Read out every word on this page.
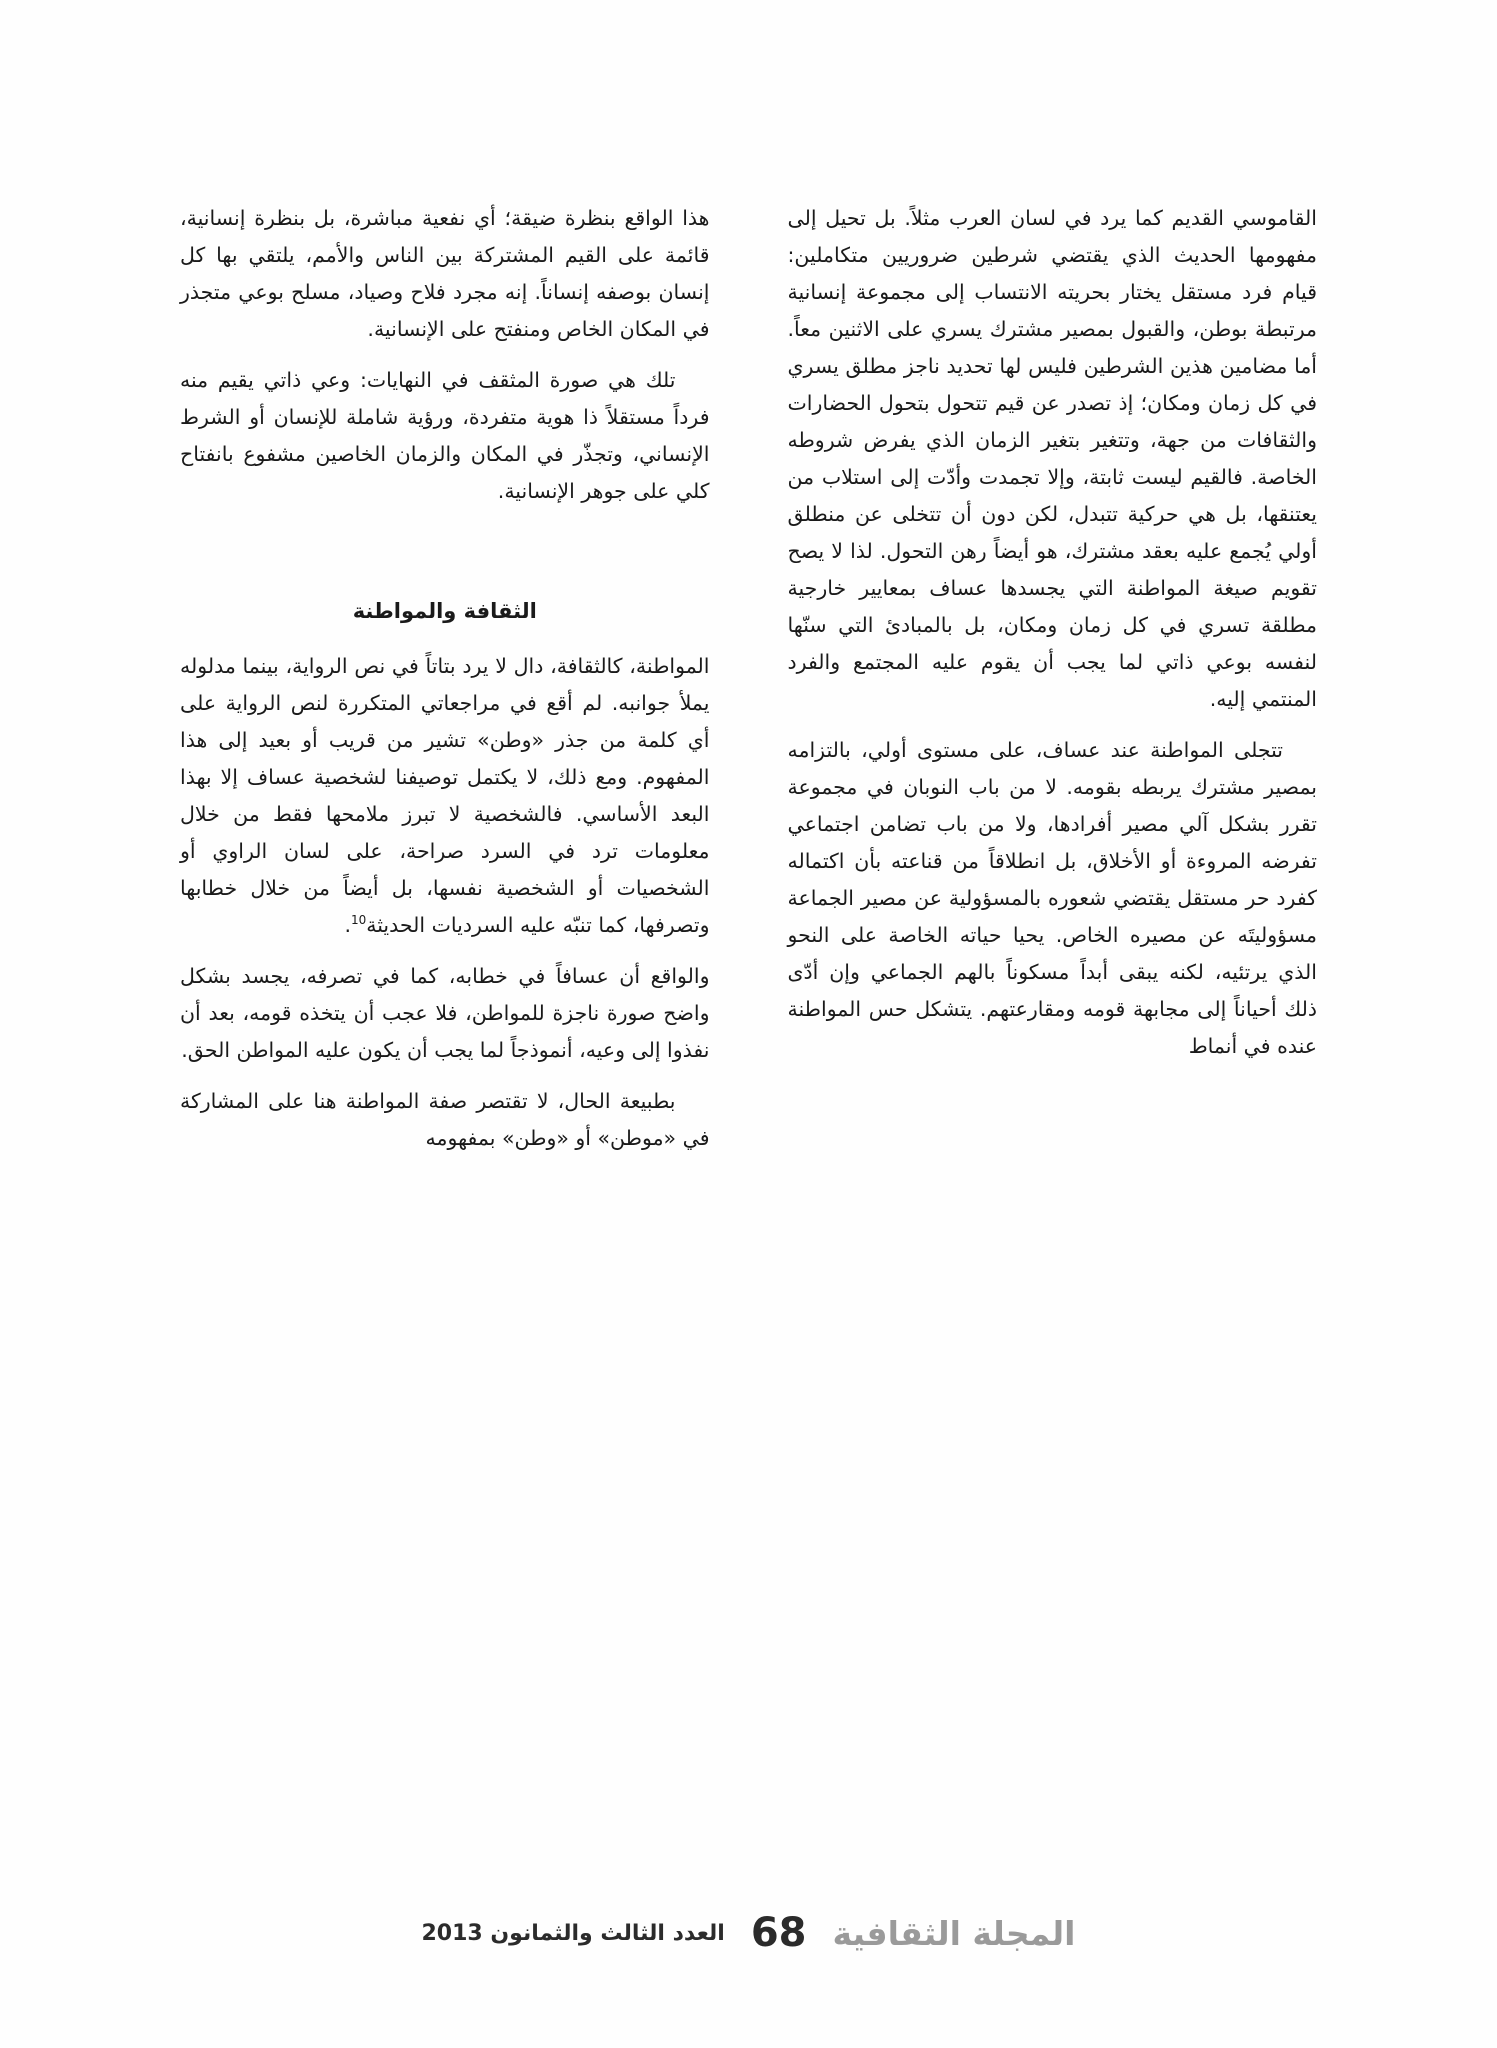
القاموسي القديم كما يرد في لسان العرب مثلاً. بل تحيل إلى مفهومها الحديث الذي يقتضي شرطين ضروريين متكاملين: قيام فرد مستقل يختار بحريته الانتساب إلى مجموعة إنسانية مرتبطة بوطن، والقبول بمصير مشترك يسري على الاثنين معاً. أما مضامين هذين الشرطين فليس لها تحديد ناجز مطلق يسري في كل زمان ومكان؛ إذ تصدر عن قيم تتحول بتحول الحضارات والثقافات من جهة، وتتغير بتغير الزمان الذي يفرض شروطه الخاصة. فالقيم ليست ثابتة، وإلا تجمدت وأدّت إلى استلاب من يعتنقها، بل هي حركية تتبدل، لكن دون أن تتخلى عن منطلق أولي يُجمع عليه بعقد مشترك، هو أيضاً رهن التحول. لذا لا يصح تقويم صيغة المواطنة التي يجسدها عساف بمعايير خارجية مطلقة تسري في كل زمان ومكان، بل بالمبادئ التي سنّها لنفسه بوعي ذاتي لما يجب أن يقوم عليه المجتمع والفرد المنتمي إليه.

تتجلى المواطنة عند عساف، على مستوى أولي، بالتزامه بمصير مشترك يربطه بقومه. لا من باب النوبان في مجموعة تقرر بشكل آلي مصير أفرادها، ولا من باب تضامن اجتماعي تفرضه المروءة أو الأخلاق، بل انطلاقاً من قناعته بأن اكتماله كفرد حر مستقل يقتضي شعوره بالمسؤولية عن مصير الجماعة مسؤوليتَه عن مصيره الخاص. يحيا حياته الخاصة على النحو الذي يرتئيه، لكنه يبقى أبداً مسكوناً بالهم الجماعي وإن أدّى ذلك أحياناً إلى مجابهة قومه ومقارعتهم. يتشكل حس المواطنة عنده في أنماط

هذا الواقع بنظرة ضيقة؛ أي نفعية مباشرة، بل بنظرة إنسانية، قائمة على القيم المشتركة بين الناس والأمم، يلتقي بها كل إنسان بوصفه إنساناً. إنه مجرد فلاح وصياد، مسلح بوعي متجذر في المكان الخاص ومنفتح على الإنسانية.

تلك هي صورة المثقف في النهايات: وعي ذاتي يقيم منه فرداً مستقلاً ذا هوية متفردة، ورؤية شاملة للإنسان أو الشرط الإنساني، وتجذّر في المكان والزمان الخاصين مشفوع بانفتاح كلي على جوهر الإنسانية.

الثقافة والمواطنة

المواطنة، كالثقافة، دال لا يرد بتاتاً في نص الرواية، بينما مدلوله يملأ جوانبه. لم أقع في مراجعاتي المتكررة لنص الرواية على أي كلمة من جذر «وطن» تشير من قريب أو بعيد إلى هذا المفهوم. ومع ذلك، لا يكتمل توصيفنا لشخصية عساف إلا بهذا البعد الأساسي. فالشخصية لا تبرز ملامحها فقط من خلال معلومات ترد في السرد صراحة، على لسان الراوي أو الشخصيات أو الشخصية نفسها، بل أيضاً من خلال خطابها وتصرفها، كما تنبّه عليه السرديات الحديثة$^{10}$.

والواقع أن عسافاً في خطابه، كما في تصرفه، يجسد بشكل واضح صورة ناجزة للمواطن، فلا عجب أن يتخذه قومه، بعد أن نفذوا إلى وعيه، أنموذجاً لما يجب أن يكون عليه المواطن الحق.

بطبيعة الحال، لا تقتصر صفة المواطنة هنا على المشاركة في «موطن» أو «وطن» بمفهومه

المجلة الثقافية
68
العدد الثالث والثمانون 2013
